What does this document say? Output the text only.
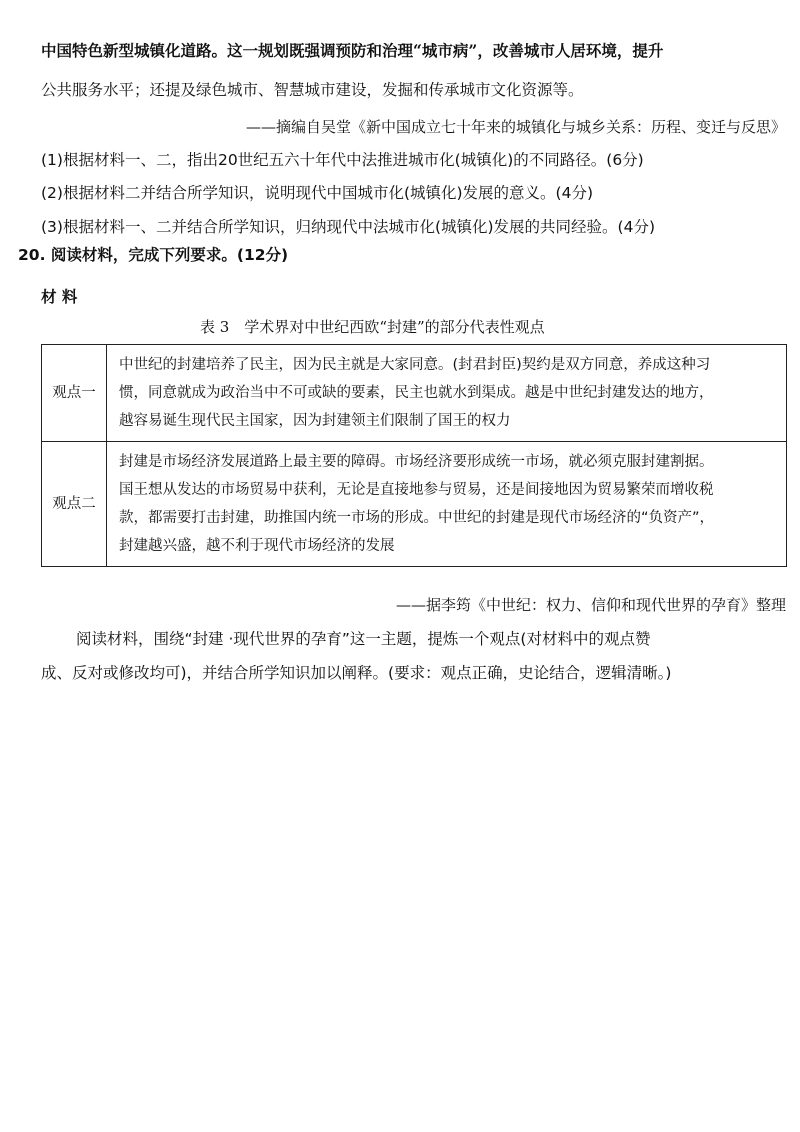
中国特色新型城镇化道路。这一规划既强调预防和治理“城市病”，改善城市人居环境，提升
公共服务水平；还提及绿色城市、智慧城市建设，发掘和传承城市文化资源等。
——摘编自吴堂《新中国成立七十年来的城镇化与城乡关系：历程、变迁与反思》
(1)根据材料一、二，指出20世纪五六十年代中法推进城市化(城镇化)的不同路径。(6分)
(2)根据材料二并结合所学知识，说明现代中国城市化(城镇化)发展的意义。(4分)
(3)根据材料一、二并结合所学知识，归纳现代中法城市化(城镇化)发展的共同经验。(4分)
20. 阅读材料，完成下列要求。(12分)
材 料
表 3　学术界对中世纪西欧“封建”的部分代表性观点
观点一	中世纪的封建培养了民主，因为民主就是大家同意。(封君封臣)契约是双方同意，养成这种习

惯，同意就成为政治当中不可或缺的要素，民主也就水到渠成。越是中世纪封建发达的地方，

越容易诞生现代民主国家，因为封建领主们限制了国王的权力

观点二	封建是市场经济发展道路上最主要的障碍。市场经济要形成统一市场，就必须克服封建割据。

国王想从发达的市场贸易中获利，无论是直接地参与贸易，还是间接地因为贸易繁荣而增收税

款，都需要打击封建，助推国内统一市场的形成。中世纪的封建是现代市场经济的“负资产”，

封建越兴盛，越不利于现代市场经济的发展

——据李筠《中世纪：权力、信仰和现代世界的孕育》整理
阅读材料，围绕“封建 ·现代世界的孕育”这一主题，提炼一个观点(对材料中的观点赞
成、反对或修改均可)，并结合所学知识加以阐释。(要求：观点正确，史论结合，逻辑清晰。)
